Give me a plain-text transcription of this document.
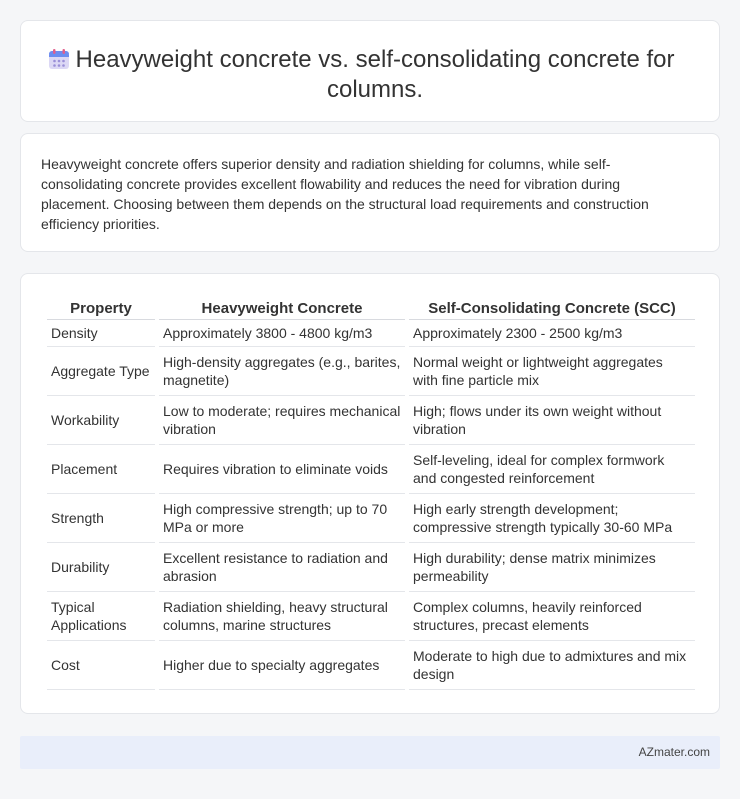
Heavyweight concrete vs. self-consolidating concrete for columns.

Heavyweight concrete offers superior density and radiation shielding for columns, while self-consolidating concrete provides excellent flowability and reduces the need for vibration during placement. Choosing between them depends on the structural load requirements and construction efficiency priorities.

Property	Heavyweight Concrete	Self-Consolidating Concrete (SCC)
Density	Approximately 3800 - 4800 kg/m3	Approximately 2300 - 2500 kg/m3
Aggregate Type	High-density aggregates (e.g., barites, magnetite)	Normal weight or lightweight aggregates with fine particle mix
Workability	Low to moderate; requires mechanical vibration	High; flows under its own weight without vibration
Placement	Requires vibration to eliminate voids	Self-leveling, ideal for complex formwork and congested reinforcement
Strength	High compressive strength; up to 70 MPa or more	High early strength development; compressive strength typically 30-60 MPa
Durability	Excellent resistance to radiation and abrasion	High durability; dense matrix minimizes permeability
Typical Applications	Radiation shielding, heavy structural columns, marine structures	Complex columns, heavily reinforced structures, precast elements
Cost	Higher due to specialty aggregates	Moderate to high due to admixtures and mix design
AZmater.com
